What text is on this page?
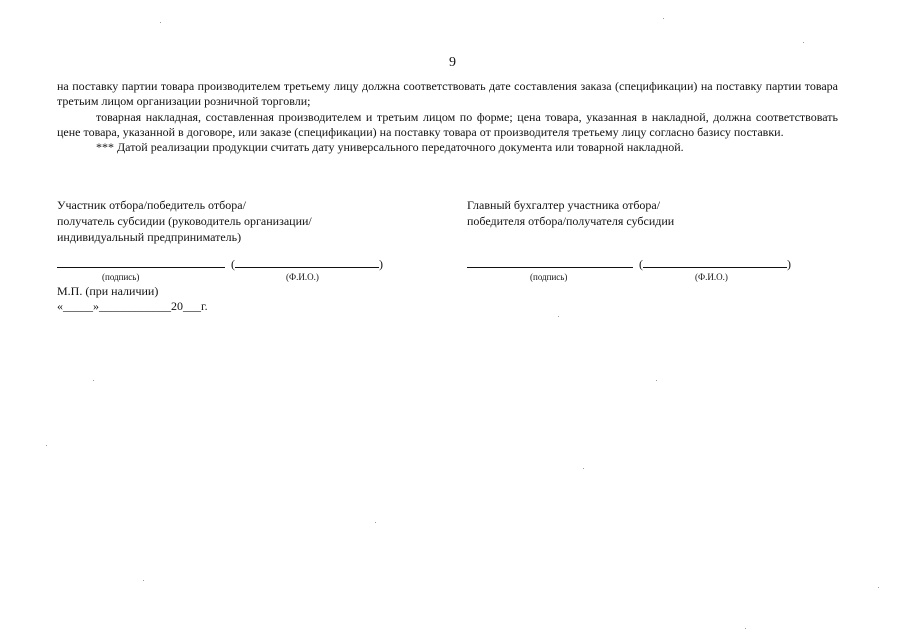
9

на поставку партии товара производителем третьему лицу должна соответствовать дате составления заказа (спецификации) на поставку партии товара третьим лицом организации розничной торговли;

товарная накладная, составленная производителем и третьим лицом по форме; цена товара, указанная в накладной, должна соответствовать цене товара, указанной в договоре, или заказе (спецификации) на поставку товара от производителя третьему лицу согласно базису поставки.

*** Датой реализации продукции считать дату универсального передаточного документа или товарной накладной.

Участник отбора/победитель отбора/
получатель субсидии (руководитель организации/
индивидуальный предприниматель)
Главный бухгалтер участника отбора/
победителя отбора/получателя субсидии
(	)
(подпись)	(Ф.И.О.)
(	)
(подпись)	(Ф.И.О.)
М.П. (при наличии)
«_____»____________20___г.
